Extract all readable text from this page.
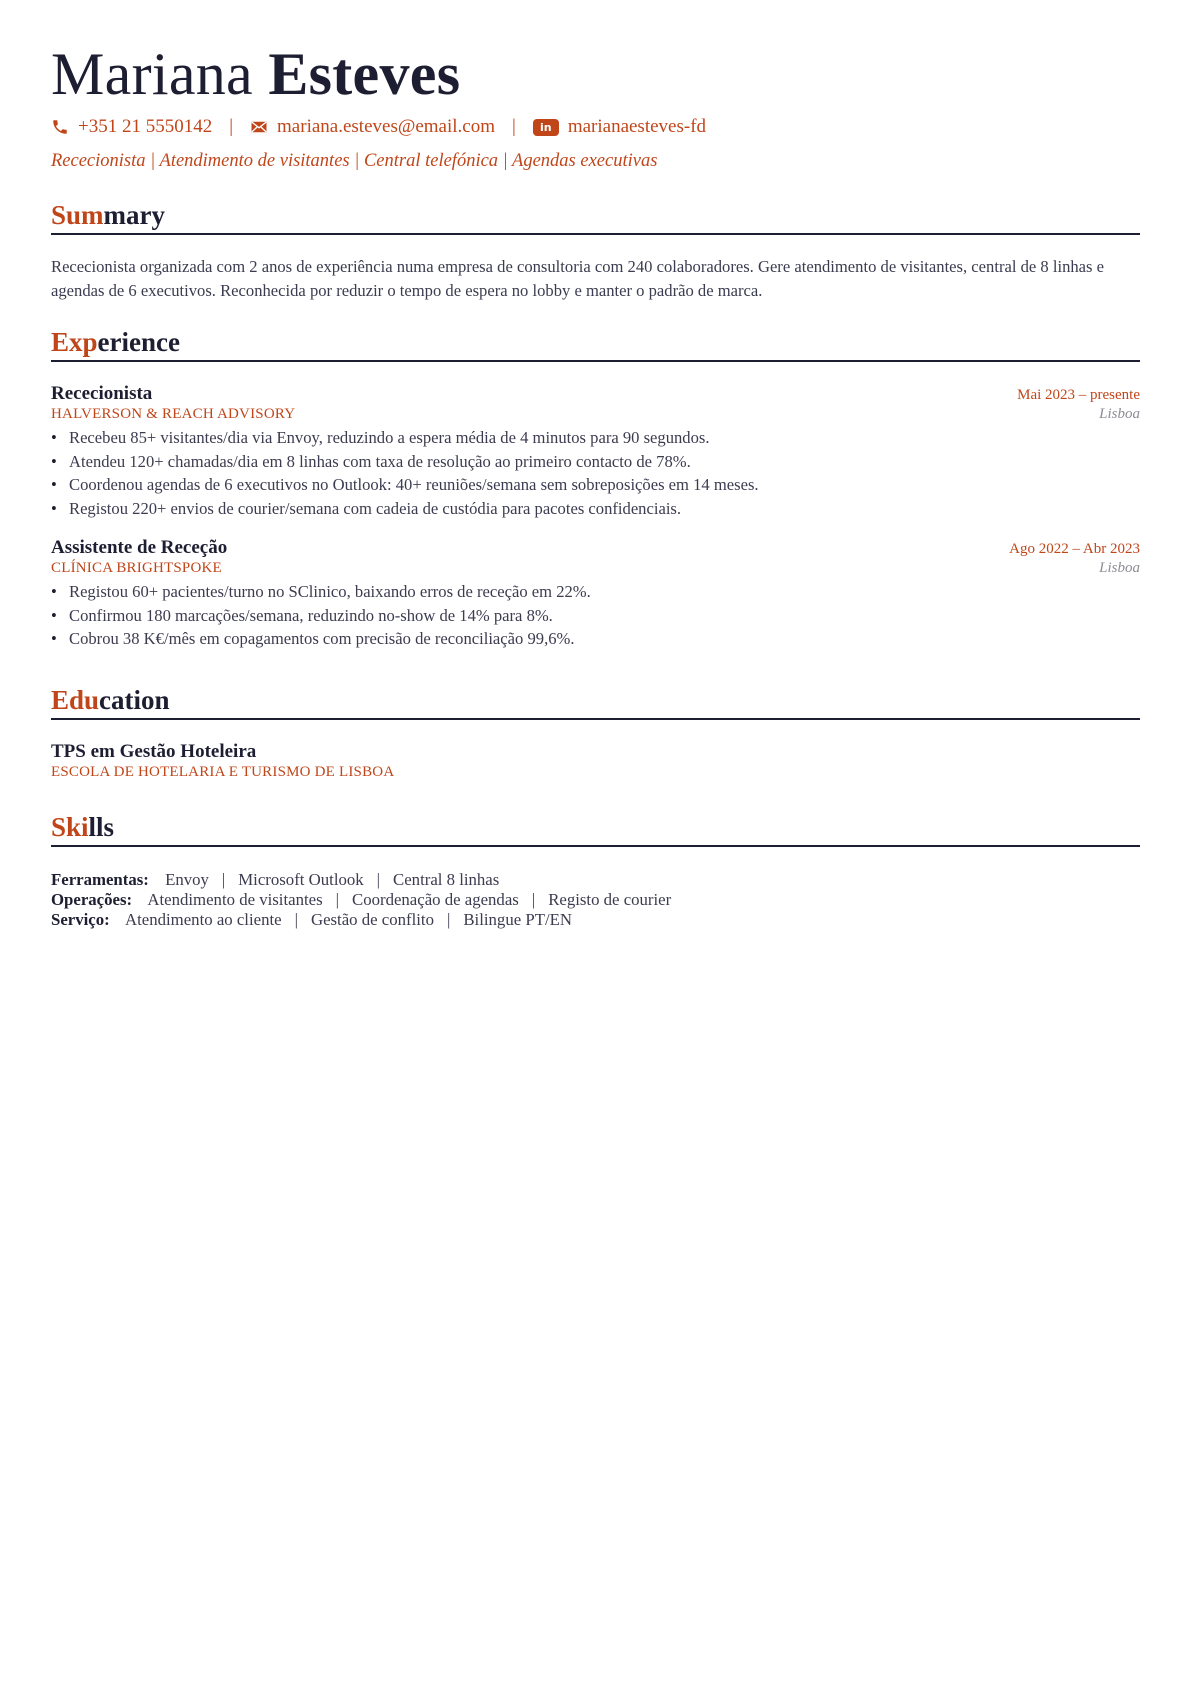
Mariana Esteves
+351 21 5550142 | mariana.esteves@email.com |	in marianaesteves-fd
Rececionista | Atendimento de visitantes | Central telefónica | Agendas executivas
Summary
Rececionista organizada com 2 anos de experiência numa empresa de consultoria com 240 colaboradores. Gere atendimento de visitantes, central de 8 linhas e agendas de 6 executivos. Reconhecida por reduzir o tempo de espera no lobby e manter o padrão de marca.
Experience
Rececionista	Mai 2023 – presente
HALVERSON & REACH ADVISORY	Lisboa
• Recebeu 85+ visitantes/dia via Envoy, reduzindo a espera média de 4 minutos para 90 segundos.
• Atendeu 120+ chamadas/dia em 8 linhas com taxa de resolução ao primeiro contacto de 78%.
• Coordenou agendas de 6 executivos no Outlook: 40+ reuniões/semana sem sobreposições em 14 meses.
• Registou 220+ envios de courier/semana com cadeia de custódia para pacotes confidenciais.
Assistente de Receção	Ago 2022 – Abr 2023
CLÍNICA BRIGHTSPOKE	Lisboa
• Registou 60+ pacientes/turno no SClinico, baixando erros de receção em 22%.
• Confirmou 180 marcações/semana, reduzindo no-show de 14% para 8%.
• Cobrou 38 K€/mês em copagamentos com precisão de reconciliação 99,6%.
Education
TPS em Gestão Hoteleira
ESCOLA DE HOTELARIA E TURISMO DE LISBOA
Skills
Ferramentas: Envoy | Microsoft Outlook | Central 8 linhas
Operações: Atendimento de visitantes | Coordenação de agendas | Registo de courier
Serviço: Atendimento ao cliente | Gestão de conflito | Bilingue PT/EN
